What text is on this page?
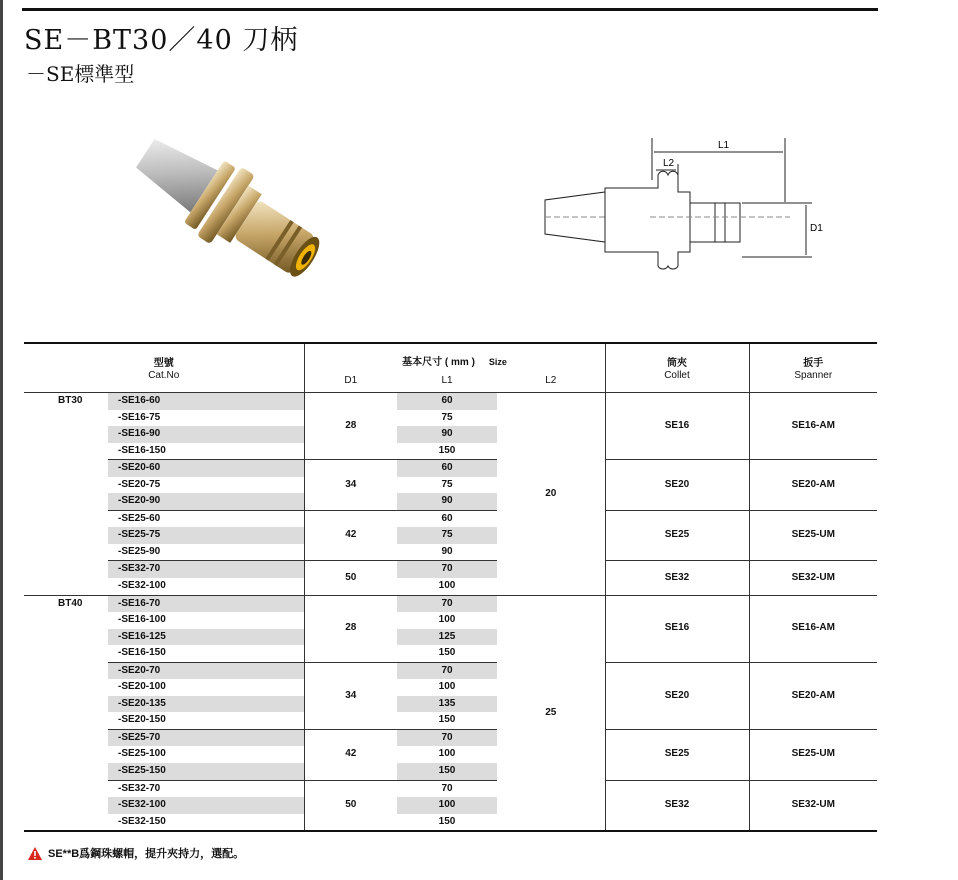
SE－BT30／40 刀柄
－SE標準型
L1
L2
D1
型號		基本尺寸 ( mm ) Size			筒夾	扳手
Cat.No		D1	L1	L2	Collet	Spanner
BT30	-SE16-60	28	60	20	SE16	SE16-AM
	-SE16-75		75			
	-SE16-90		90			
	-SE16-150		150			
	-SE20-60	34	60		SE20	SE20-AM
	-SE20-75		75			
	-SE20-90		90			
	-SE25-60	42	60		SE25	SE25-UM
	-SE25-75		75			
	-SE25-90		90			
	-SE32-70	50	70		SE32	SE32-UM
	-SE32-100		100			
BT40	-SE16-70	28	70	25	SE16	SE16-AM
	-SE16-100		100			
	-SE16-125		125			
	-SE16-150		150			
	-SE20-70	34	70		SE20	SE20-AM
	-SE20-100		100			
	-SE20-135		135			
	-SE20-150		150			
	-SE25-70	42	70		SE25	SE25-UM
	-SE25-100		100			
	-SE25-150		150			
	-SE32-70	50	70		SE32	SE32-UM
	-SE32-100		100			
	-SE32-150		150			
SE**B爲鋼珠螺帽，提升夾持力，選配。
